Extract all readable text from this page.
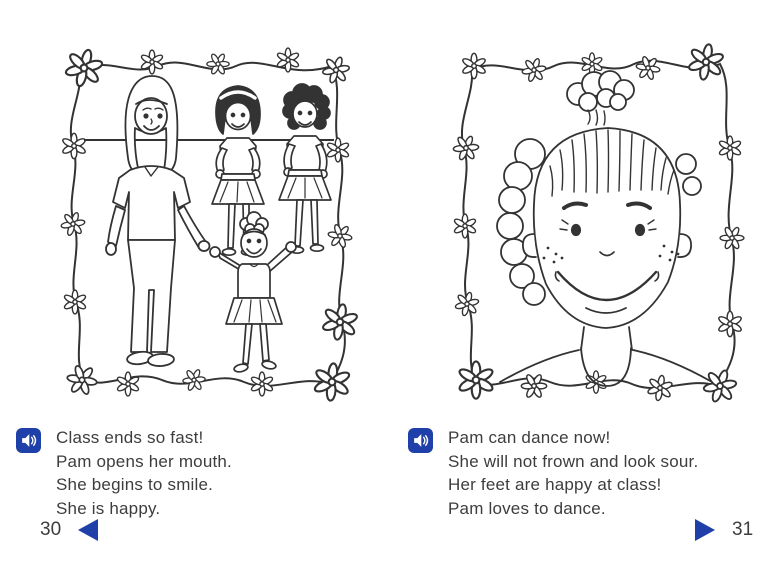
Class ends so fast!

Pam opens her mouth.

She begins to smile.

She is happy.

Pam can dance now!

She will not frown and look sour.

Her feet are happy at class!

Pam loves to dance.

30	31
